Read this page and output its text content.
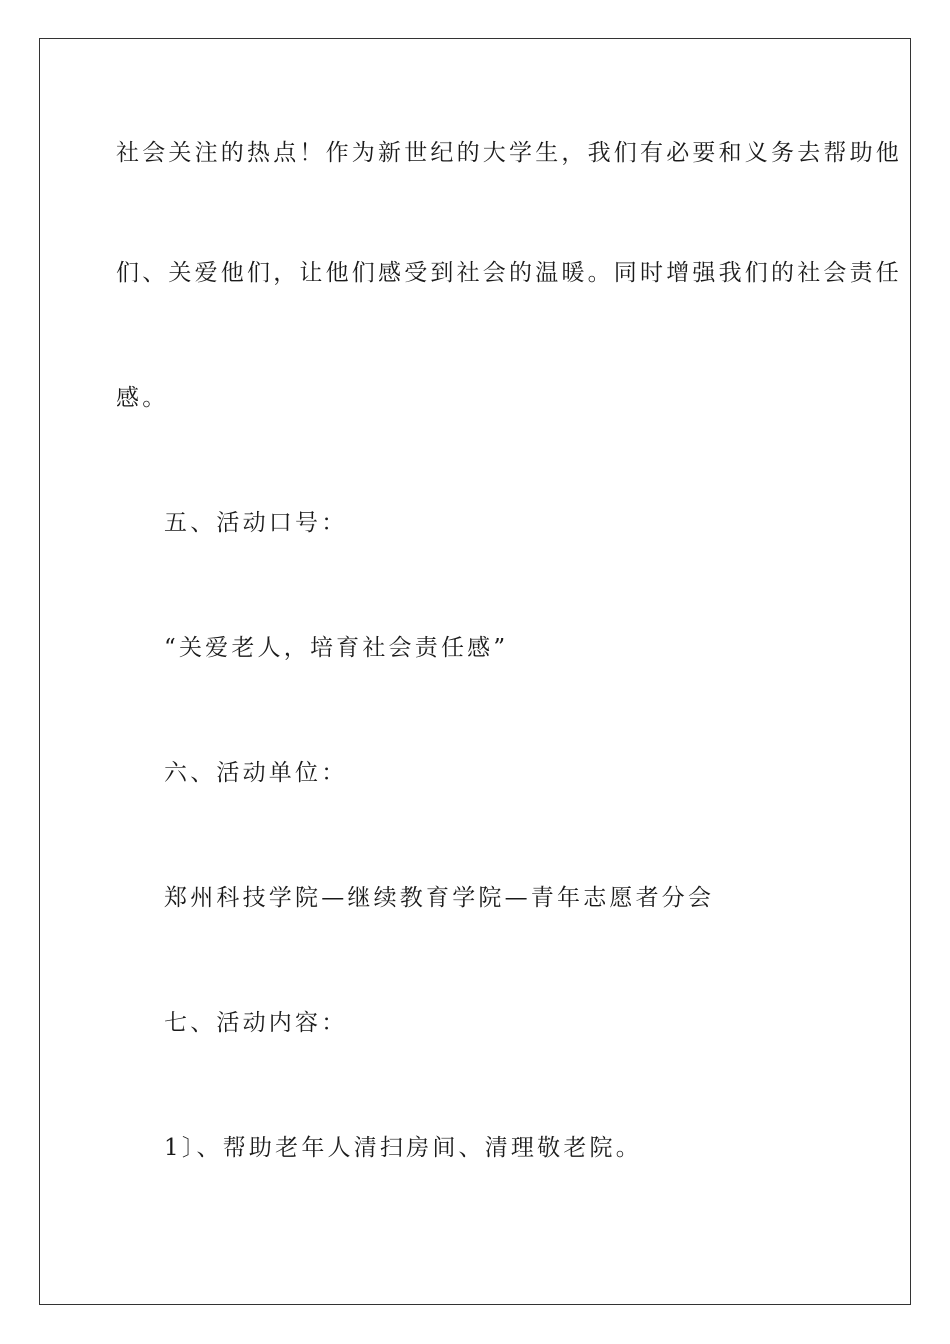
社会关注的热点！作为新世纪的大学生，我们有必要和义务去帮助他
们、关爱他们，让他们感受到社会的温暖。同时增强我们的社会责任
感。
五、活动口号：
“关爱老人，培育社会责任感”
六、活动单位：
郑州科技学院—继续教育学院—青年志愿者分会
七、活动内容：
1〕、帮助老年人清扫房间、清理敬老院。
